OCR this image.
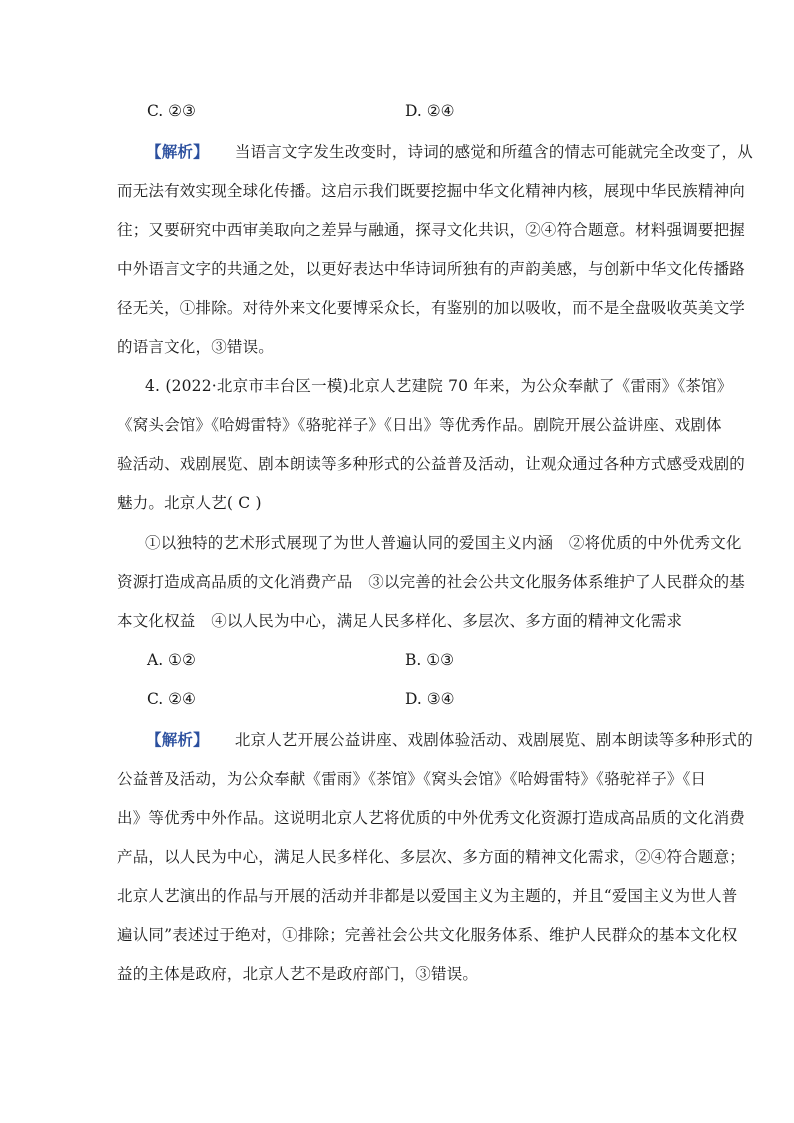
C. ②③	D. ②④
【解析】 当语言文字发生改变时，诗词的感觉和所蕴含的情志可能就完全改变了，从
而无法有效实现全球化传播。这启示我们既要挖掘中华文化精神内核，展现中华民族精神向
往；又要研究中西审美取向之差异与融通，探寻文化共识，②④符合题意。材料强调要把握
中外语言文字的共通之处，以更好表达中华诗词所独有的声韵美感，与创新中华文化传播路
径无关，①排除。对待外来文化要博采众长，有鉴别的加以吸收，而不是全盘吸收英美文学
的语言文化，③错误。
4. (2022·北京市丰台区一模)北京人艺建院 70 年来，为公众奉献了《雷雨》《茶馆》
《窝头会馆》《哈姆雷特》《骆驼祥子》《日出》等优秀作品。剧院开展公益讲座、戏剧体
验活动、戏剧展览、剧本朗读等多种形式的公益普及活动，让观众通过各种方式感受戏剧的
魅力。北京人艺( C )
①以独特的艺术形式展现了为世人普遍认同的爱国主义内涵　②将优质的中外优秀文化
资源打造成高品质的文化消费产品　③以完善的社会公共文化服务体系维护了人民群众的基
本文化权益　④以人民为中心，满足人民多样化、多层次、多方面的精神文化需求
A. ①②	B. ①③
C. ②④	D. ③④
【解析】 北京人艺开展公益讲座、戏剧体验活动、戏剧展览、剧本朗读等多种形式的
公益普及活动，为公众奉献《雷雨》《茶馆》《窝头会馆》《哈姆雷特》《骆驼祥子》《日
出》等优秀中外作品。这说明北京人艺将优质的中外优秀文化资源打造成高品质的文化消费
产品，以人民为中心，满足人民多样化、多层次、多方面的精神文化需求，②④符合题意；
北京人艺演出的作品与开展的活动并非都是以爱国主义为主题的，并且“爱国主义为世人普
遍认同”表述过于绝对，①排除；完善社会公共文化服务体系、维护人民群众的基本文化权
益的主体是政府，北京人艺不是政府部门，③错误。
